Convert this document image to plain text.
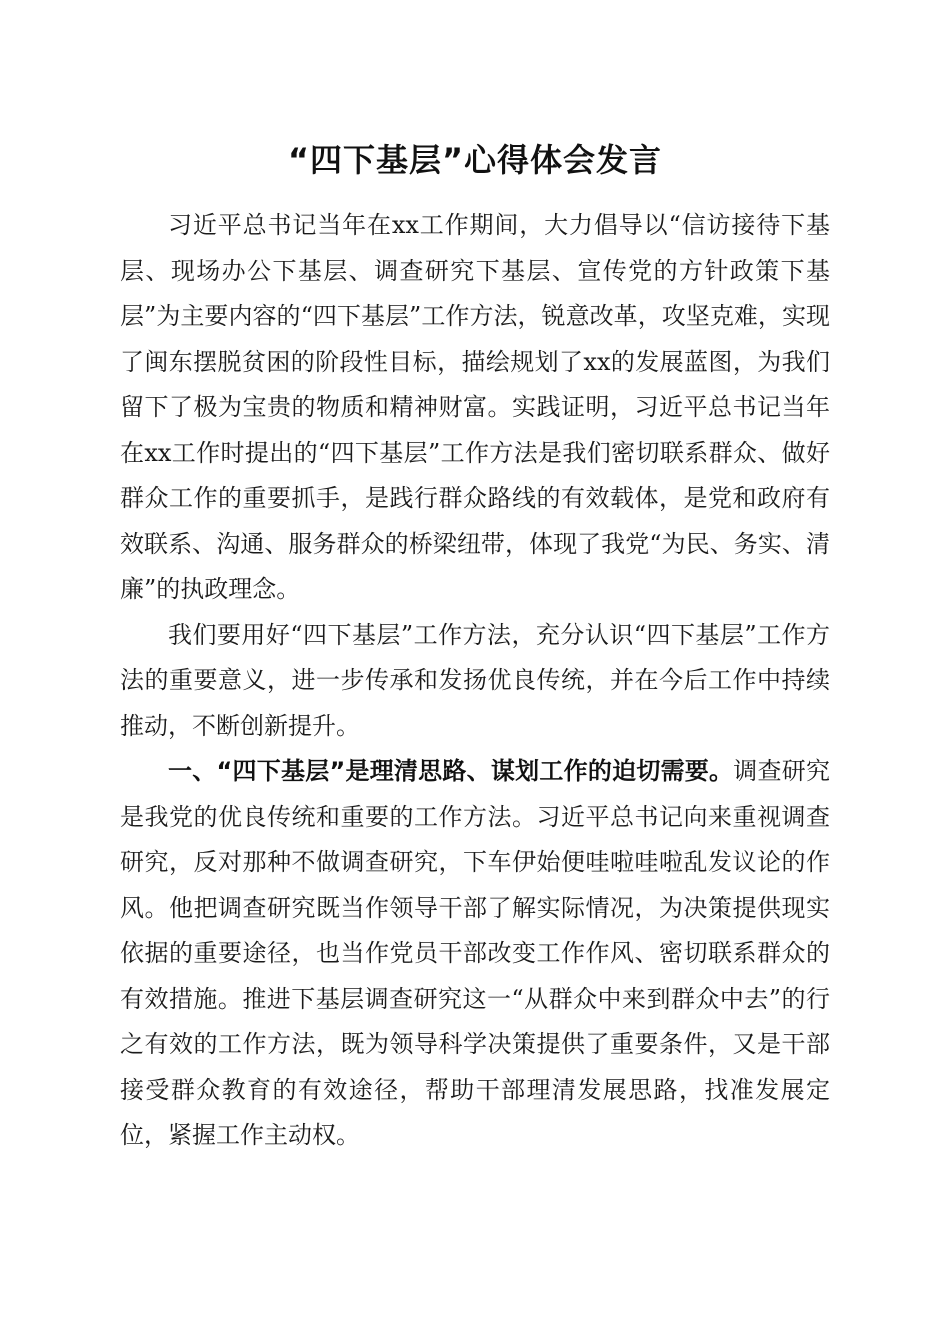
“四下基层”心得体会发言

习近平总书记当年在xx工作期间，大力倡导以“信访接待下基层、现场办公下基层、调查研究下基层、宣传党的方针政策下基层”为主要内容的“四下基层”工作方法，锐意改革，攻坚克难，实现了闽东摆脱贫困的阶段性目标，描绘规划了xx的发展蓝图，为我们留下了极为宝贵的物质和精神财富。实践证明，习近平总书记当年在xx工作时提出的“四下基层”工作方法是我们密切联系群众、做好群众工作的重要抓手，是践行群众路线的有效载体，是党和政府有效联系、沟通、服务群众的桥梁纽带，体现了我党“为民、务实、清廉”的执政理念。

我们要用好“四下基层”工作方法，充分认识“四下基层”工作方法的重要意义，进一步传承和发扬优良传统，并在今后工作中持续推动，不断创新提升。

一、“四下基层”是理清思路、谋划工作的迫切需要。调查研究是我党的优良传统和重要的工作方法。习近平总书记向来重视调查研究，反对那种不做调查研究，下车伊始便哇啦哇啦乱发议论的作风。他把调查研究既当作领导干部了解实际情况，为决策提供现实依据的重要途径，也当作党员干部改变工作作风、密切联系群众的有效措施。推进下基层调查研究这一“从群众中来到群众中去”的行之有效的工作方法，既为领导科学决策提供了重要条件，又是干部接受群众教育的有效途径，帮助干部理清发展思路，找准发展定位，紧握工作主动权。
